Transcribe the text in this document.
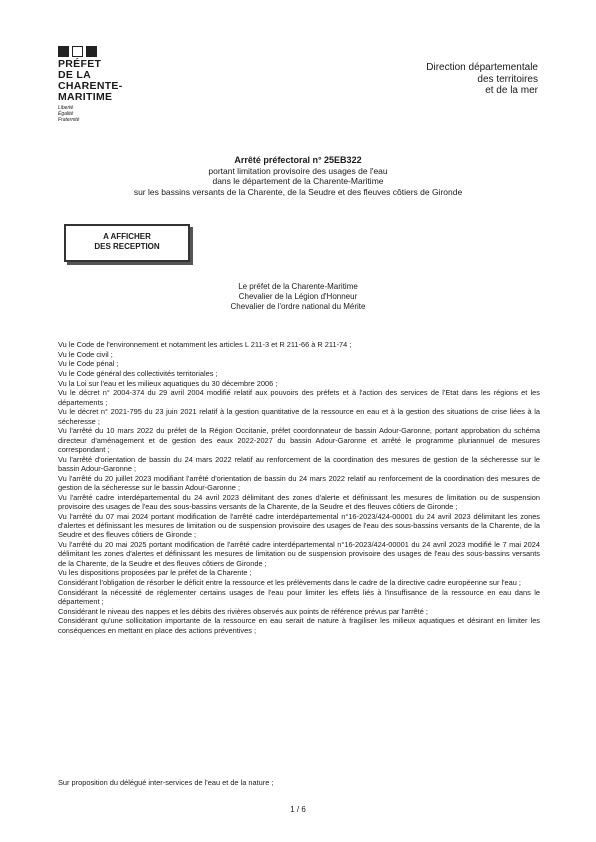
PRÉFET
DE LA
CHARENTE-
MARITIME
Liberté
Égalité
Fraternité
Direction départementale
des territoires
et de la mer
Arrêté préfectoral n° 25EB322
portant limitation provisoire des usages de l'eau
dans le département de la Charente-Maritime
sur les bassins versants de la Charente, de la Seudre et des fleuves côtiers de Gironde
A AFFICHER
DES RECEPTION
Le préfet de la Charente-Maritime
Chevalier de la Légion d'Honneur
Chevalier de l'ordre national du Mérite

Vu le Code de l'environnement et notamment les articles L 211-3 et R 211-66 à R 211-74 ;

Vu le Code civil ;

Vu le Code pénal ;

Vu le Code général des collectivités territoriales ;

Vu la Loi sur l'eau et les milieux aquatiques du 30 décembre 2006 ;

Vu le décret n° 2004-374 du 29 avril 2004 modifié relatif aux pouvoirs des préfets et à l'action des services de l'Etat dans les régions et les départements ;

Vu le décret n° 2021-795 du 23 juin 2021 relatif à la gestion quantitative de la ressource en eau et à la gestion des situations de crise liées à la sécheresse ;

Vu l'arrêté du 10 mars 2022 du préfet de la Région Occitanie, préfet coordonnateur de bassin Adour-Garonne, portant approbation du schéma directeur d'aménagement et de gestion des eaux 2022-2027 du bassin Adour-Garonne et arrêté le programme pluriannuel de mesures correspondant ;

Vu l'arrêté d'orientation de bassin du 24 mars 2022 relatif au renforcement de la coordination des mesures de gestion de la sécheresse sur le bassin Adour-Garonne ;

Vu l'arrêté du 20 juillet 2023 modifiant l'arrêté d'orientation de bassin du 24 mars 2022 relatif au renforcement de la coordination des mesures de gestion de la sécheresse sur le bassin Adour-Garonne ;

Vu l'arrêté cadre interdépartemental du 24 avril 2023 délimitant des zones d'alerte et définissant les mesures de limitation ou de suspension provisoire des usages de l'eau des sous-bassins versants de la Charente, de la Seudre et des fleuves côtiers de Gironde ;

Vu l'arrêté du 07 mai 2024 portant modification de l'arrêté cadre interdépartemental n°16-2023/424-00001 du 24 avril 2023 délimitant les zones d'alertes et définissant les mesures de limitation ou de suspension provisoire des usages de l'eau des sous-bassins versants de la Charente, de la Seudre et des fleuves côtiers de Gironde ;

Vu l'arrêté du 20 mai 2025 portant modification de l'arrêté cadre interdépartemental n°16-2023/424-00001 du 24 avril 2023 modifié le 7 mai 2024 délimitant les zones d'alertes et définissant les mesures de limitation ou de suspension provisoire des usages de l'eau des sous-bassins versants de la Charente, de la Seudre et des fleuves côtiers de Gironde ;

Vu les dispositions proposées par le préfet de la Charente ;

Considérant l'obligation de résorber le déficit entre la ressource et les prélèvements dans le cadre de la directive cadre européenne sur l'eau ;

Considérant la nécessité de réglementer certains usages de l'eau pour limiter les effets liés à l'insuffisance de la ressource en eau dans le département ;

Considérant le niveau des nappes et les débits des rivières observés aux points de référence prévus par l'arrêté ;

Considérant qu'une sollicitation importante de la ressource en eau serait de nature à fragiliser les milieux aquatiques et désirant en limiter les conséquences en mettant en place des actions préventives ;

Sur proposition du délégué inter-services de l'eau et de la nature ;
1 / 6
